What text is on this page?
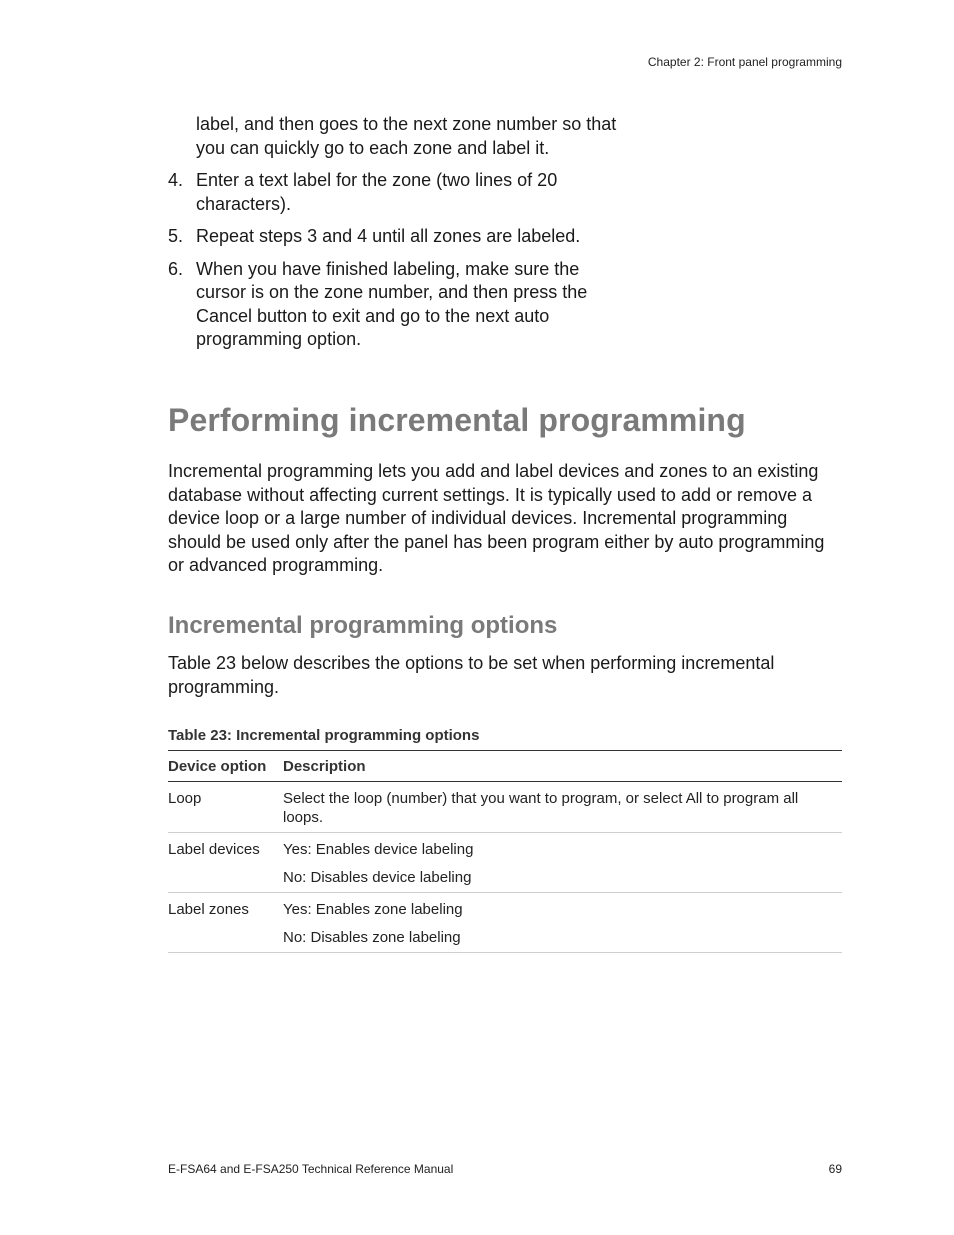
Chapter 2: Front panel programming
label, and then goes to the next zone number so that you can quickly go to each zone and label it.
4. Enter a text label for the zone (two lines of 20 characters).
5. Repeat steps 3 and 4 until all zones are labeled.
6. When you have finished labeling, make sure the cursor is on the zone number, and then press the Cancel button to exit and go to the next auto programming option.
Performing incremental programming

Incremental programming lets you add and label devices and zones to an existing database without affecting current settings. It is typically used to add or remove a device loop or a large number of individual devices. Incremental programming should be used only after the panel has been program either by auto programming or advanced programming.

Incremental programming options

Table 23 below describes the options to be set when performing incremental programming.

Table 23: Incremental programming options
Device option	Description
Loop	Select the loop (number) that you want to program, or select All to program all loops.
Label devices	Yes: Enables device labeling
No: Disables device labeling
Label zones	Yes: Enables zone labeling
No: Disables zone labeling
E-FSA64 and E-FSA250 Technical Reference Manual	69
